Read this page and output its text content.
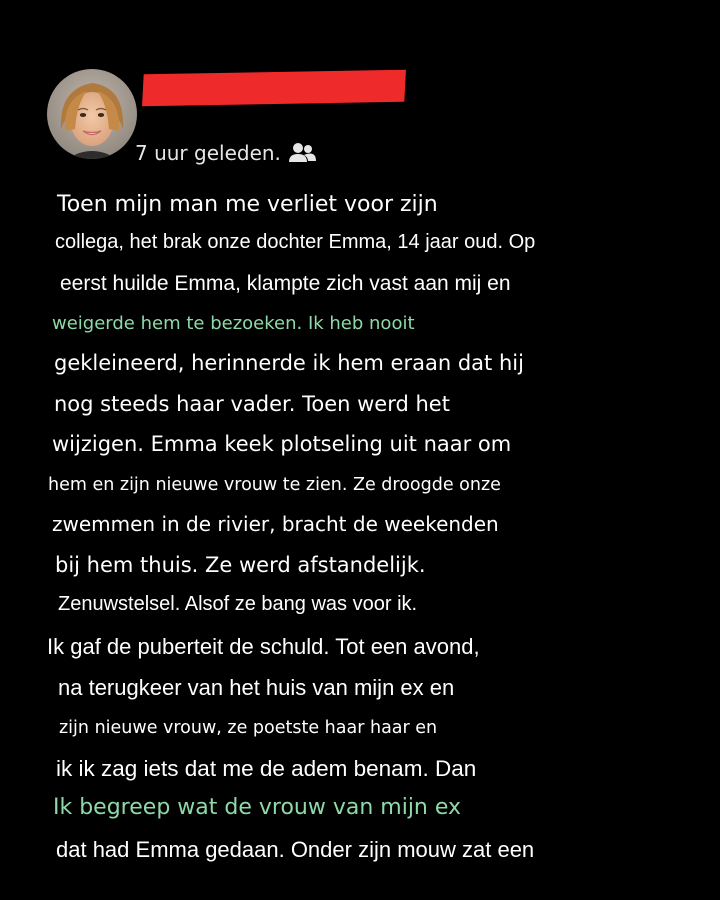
7 uur geleden.
Toen mijn man me verliet voor zijn
collega, het brak onze dochter Emma, 14 jaar oud. Op
eerst huilde Emma, klampte zich vast aan mij en
weigerde hem te bezoeken. Ik heb nooit
gekleineerd, herinnerde ik hem eraan dat hij
nog steeds haar vader. Toen werd het
wijzigen. Emma keek plotseling uit naar om
hem en zijn nieuwe vrouw te zien. Ze droogde onze
zwemmen in de rivier, bracht de weekenden
bij hem thuis. Ze werd afstandelijk.
Zenuwstelsel. Alsof ze bang was voor ik.
Ik gaf de puberteit de schuld. Tot een avond,
na terugkeer van het huis van mijn ex en
zijn nieuwe vrouw, ze poetste haar haar en
ik ik zag iets dat me de adem benam. Dan
Ik begreep wat de vrouw van mijn ex
dat had Emma gedaan. Onder zijn mouw zat een
